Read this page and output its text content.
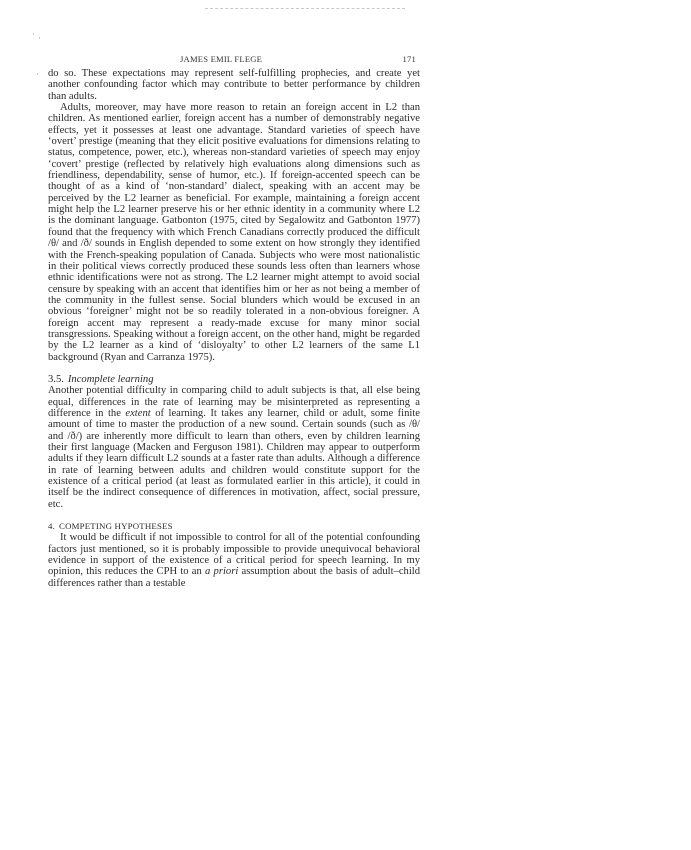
· ·
·
JAMES EMIL FLEGE	171

do so. These expectations may represent self-fulfilling prophecies, and create yet another confounding factor which may contribute to better performance by children than adults.

Adults, moreover, may have more reason to retain an foreign accent in L2 than children. As mentioned earlier, foreign accent has a number of demonstrably negative effects, yet it possesses at least one advantage. Standard varieties of speech have ‘overt’ prestige (meaning that they elicit positive evaluations for dimensions relating to status, competence, power, etc.), whereas non-standard varieties of speech may enjoy ‘covert’ prestige (reflected by relatively high evaluations along dimensions such as friendliness, dependability, sense of humor, etc.). If foreign-accented speech can be thought of as a kind of ‘non-standard’ dialect, speaking with an accent may be perceived by the L2 learner as beneficial. For example, maintaining a foreign accent might help the L2 learner preserve his or her ethnic identity in a community where L2 is the dominant language. Gatbonton (1975, cited by Segalowitz and Gatbonton 1977) found that the frequency with which French Canadians correctly produced the difficult /θ/ and /ð/ sounds in English depended to some extent on how strongly they identified with the French-speaking population of Canada. Subjects who were most nationalistic in their political views correctly produced these sounds less often than learners whose ethnic identifications were not as strong. The L2 learner might attempt to avoid social censure by speaking with an accent that identifies him or her as not being a member of the community in the fullest sense. Social blunders which would be excused in an obvious ‘foreigner’ might not be so readily tolerated in a non-obvious foreigner. A foreign accent may represent a ready-made excuse for many minor social transgressions. Speaking without a foreign accent, on the other hand, might be regarded by the L2 learner as a kind of ‘disloyalty’ to other L2 learners of the same L1 background (Ryan and Carranza 1975).

3.5. Incomplete learning

Another potential difficulty in comparing child to adult subjects is that, all else being equal, differences in the rate of learning may be misinterpreted as representing a difference in the extent of learning. It takes any learner, child or adult, some finite amount of time to master the production of a new sound. Certain sounds (such as /θ/ and /ð/) are inherently more difficult to learn than others, even by children learning their first language (Macken and Ferguson 1981). Children may appear to outperform adults if they learn difficult L2 sounds at a faster rate than adults. Although a difference in rate of learning between adults and children would constitute support for the existence of a critical period (at least as formulated earlier in this article), it could in itself be the indirect consequence of differences in motivation, affect, social pressure, etc.

4. COMPETING HYPOTHESES

It would be difficult if not impossible to control for all of the potential confounding factors just mentioned, so it is probably impossible to provide unequivocal behavioral evidence in support of the existence of a critical period for speech learning. In my opinion, this reduces the CPH to an a priori assumption about the basis of adult–child differences rather than a testable
